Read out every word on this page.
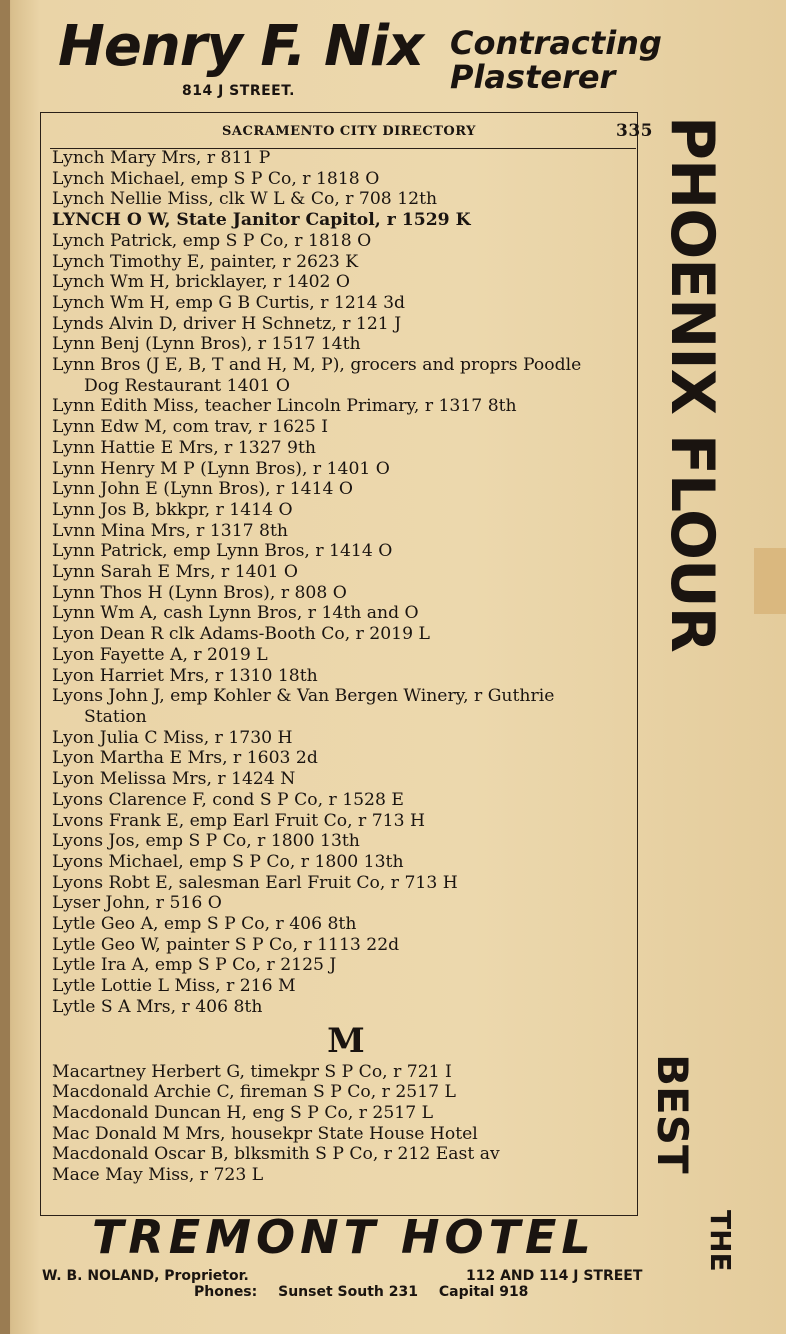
Henry F. Nix
814 J STREET.
Contracting
Plasterer
SACRAMENTO CITY DIRECTORY	335
Lynch Mary Mrs, r 811 P
Lynch Michael, emp S P Co, r 1818 O
Lynch Nellie Miss, clk W L & Co, r 708 12th
LYNCH O W, State Janitor Capitol, r 1529 K
Lynch Patrick, emp S P Co, r 1818 O
Lynch Timothy E, painter, r 2623 K
Lynch Wm H, bricklayer, r 1402 O
Lynch Wm H, emp G B Curtis, r 1214 3d
Lynds Alvin D, driver H Schnetz, r 121 J
Lynn Benj (Lynn Bros), r 1517 14th
Lynn Bros (J E, B, T and H, M, P), grocers and proprs Poodle
Dog Restaurant 1401 O
Lynn Edith Miss, teacher Lincoln Primary, r 1317 8th
Lynn Edw M, com trav, r 1625 I
Lynn Hattie E Mrs, r 1327 9th
Lynn Henry M P (Lynn Bros), r 1401 O
Lynn John E (Lynn Bros), r 1414 O
Lynn Jos B, bkkpr, r 1414 O
Lvnn Mina Mrs, r 1317 8th
Lynn Patrick, emp Lynn Bros, r 1414 O
Lynn Sarah E Mrs, r 1401 O
Lynn Thos H (Lynn Bros), r 808 O
Lynn Wm A, cash Lynn Bros, r 14th and O
Lyon Dean R clk Adams-Booth Co, r 2019 L
Lyon Fayette A, r 2019 L
Lyon Harriet Mrs, r 1310 18th
Lyons John J, emp Kohler & Van Bergen Winery, r Guthrie
Station
Lyon Julia C Miss, r 1730 H
Lyon Martha E Mrs, r 1603 2d
Lyon Melissa Mrs, r 1424 N
Lyons Clarence F, cond S P Co, r 1528 E
Lvons Frank E, emp Earl Fruit Co, r 713 H
Lyons Jos, emp S P Co, r 1800 13th
Lyons Michael, emp S P Co, r 1800 13th
Lyons Robt E, salesman Earl Fruit Co, r 713 H
Lyser John, r 516 O
Lytle Geo A, emp S P Co, r 406 8th
Lytle Geo W, painter S P Co, r 1113 22d
Lytle Ira A, emp S P Co, r 2125 J
Lytle Lottie L Miss, r 216 M
Lytle S A Mrs, r 406 8th
M
Macartney Herbert G, timekpr S P Co, r 721 I
Macdonald Archie C, fireman S P Co, r 2517 L
Macdonald Duncan H, eng S P Co, r 2517 L
Mac Donald M Mrs, housekpr State House Hotel
Macdonald Oscar B, blksmith S P Co, r 212 East av
Mace May Miss, r 723 L
PHOENIX FLOUR
BEST
THE
TREMONT HOTEL
W. B. NOLAND, Proprietor.	112 AND 114 J STREET
Phones: Sunset South 231 Capital 918
